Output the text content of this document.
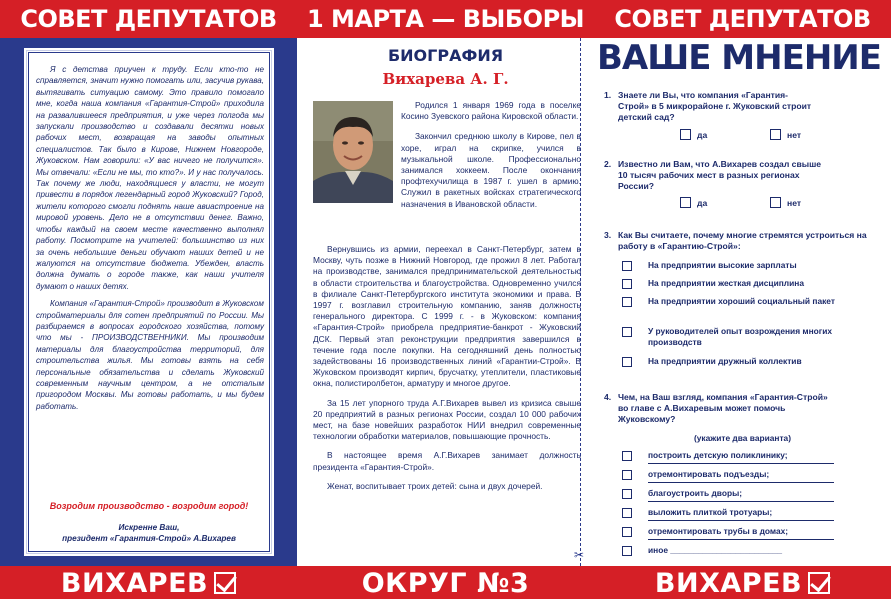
СОВЕТ ДЕПУТАТОВ	1 МАРТА — ВЫБОРЫ	СОВЕТ ДЕПУТАТОВ

Я с детства приучен к труду. Если кто-то не справляется, значит нужно помогать или, засучив рукава, вытягивать ситуацию самому. Это правило помогало мне, когда наша компания «Гарантия-Строй» приходила на развалившееся предприятия, и уже через полгода мы запускали производство и создавали десятки новых рабочих мест, возвращая на заводы опытных специалистов. Так было в Кирове, Нижнем Новгороде, Жуковском. Нам говорили: «У вас ничего не получится». Мы отвечали: «Если не мы, то кто?». И у нас получалось. Так почему же люди, находящиеся у власти, не могут привести в порядок легендарный город Жуковский? Город, жители которого смогли поднять наше авиастроение на мировой уровень. Дело не в отсутствии денег. Важно, чтобы каждый на своем месте качественно выполнял работу. Посмотрите на учителей: большинство из них за очень небольшие деньги обучают наших детей и не жалуются на отсутствие бюджета. Убежден, власть должна думать о городе также, как наши учителя думают о наших детях.

Компания «Гарантия-Строй» производит в Жуковском стройматериалы для сотен предприятий по России. Мы разбираемся в вопросах городского хозяйства, потому что мы - ПРОИЗВОДСТВЕННИКИ. Мы производим материалы для благоустройства территорий, для строительства жилья. Мы готовы взять на себя персональные обязательства и сделать Жуковский современным научным центром, а не отсталым пригородом Москвы. Мы готовы работать, и мы будем работать.

Возродим производство - возродим город!
Искренне Ваш,
президент «Гарантия-Строй» А.Вихарев
БИОГРАФИЯ
Вихарева А. Г.

Родился 1 января 1969 года в поселке Косино Зуевского района Кировской области.

Закончил среднюю школу в Кирове, пел в хоре, играл на скрипке, учился в музыкальной школе. Профессионально занимался хоккеем. После окончания профтехучилища в 1987 г. ушел в армию. Служил в ракетных войсках стратегического назначения в Ивановской области.

Вернувшись из армии, переехал в Санкт-Петербург, затем в Москву, чуть позже в Нижний Новгород, где прожил 8 лет. Работал на производстве, занимался предпринимательской деятельностью в области строительства и благоустройства. Одновременно учился в филиале Санкт-Петербургского института экономики и права. В 1997 г. возглавил строительную компанию, заняв должность генерального директора. С 1999 г. - в Жуковском: компания «Гарантия-Строй» приобрела предприятие-банкрот - Жуковский ДСК. Первый этап реконструкции предприятия завершился в течение года после покупки. На сегодняшний день полностью задействованы 16 производственных линий «Гарантии-Строй». В Жуковском производят кирпич, брусчатку, утеплители, пластиковые окна, полистиролбетон, арматуру и многое другое.

За 15 лет упорного труда А.Г.Вихарев вывел из кризиса свыше 20 предприятий в разных регионах России, создал 10 000 рабочих мест, на базе новейших разработок НИИ внедрил современные технологии обработки материалов, повышающие прочность.

В настоящее время А.Г.Вихарев занимает должность президента «Гарантия-Строй».

Женат, воспитывает троих детей: сына и двух дочерей.

✂
ВАШЕ МНЕНИЕ
1. Знаете ли Вы, что компания «Гарантия-Строй» в 5 микрорайоне г. Жуковский строит детский сад?
да	нет
2. Известно ли Вам, что А.Вихарев создал свыше 10 тысяч рабочих мест в разных регионах России?
да	нет
3. Как Вы считаете, почему многие стремятся устроиться на работу в «Гарантию-Строй»:
На предприятии высокие зарплаты
На предприятии жесткая дисциплина
На предприятии хороший социальный пакет
У руководителей опыт возрождения многих производств
На предприятии дружный коллектив
4. Чем, на Ваш взгляд, компания «Гарантия-Строй» во главе с А.Вихаревым может помочь Жуковскому?
(укажите два варианта)
построить детскую поликлинику;
отремонтировать подъезды;
благоустроить дворы;
выложить плиткой тротуары;
отремонтировать трубы в домах;
иное ________________________
ВИХАРЕВ	ОКРУГ №3	ВИХАРЕВ
